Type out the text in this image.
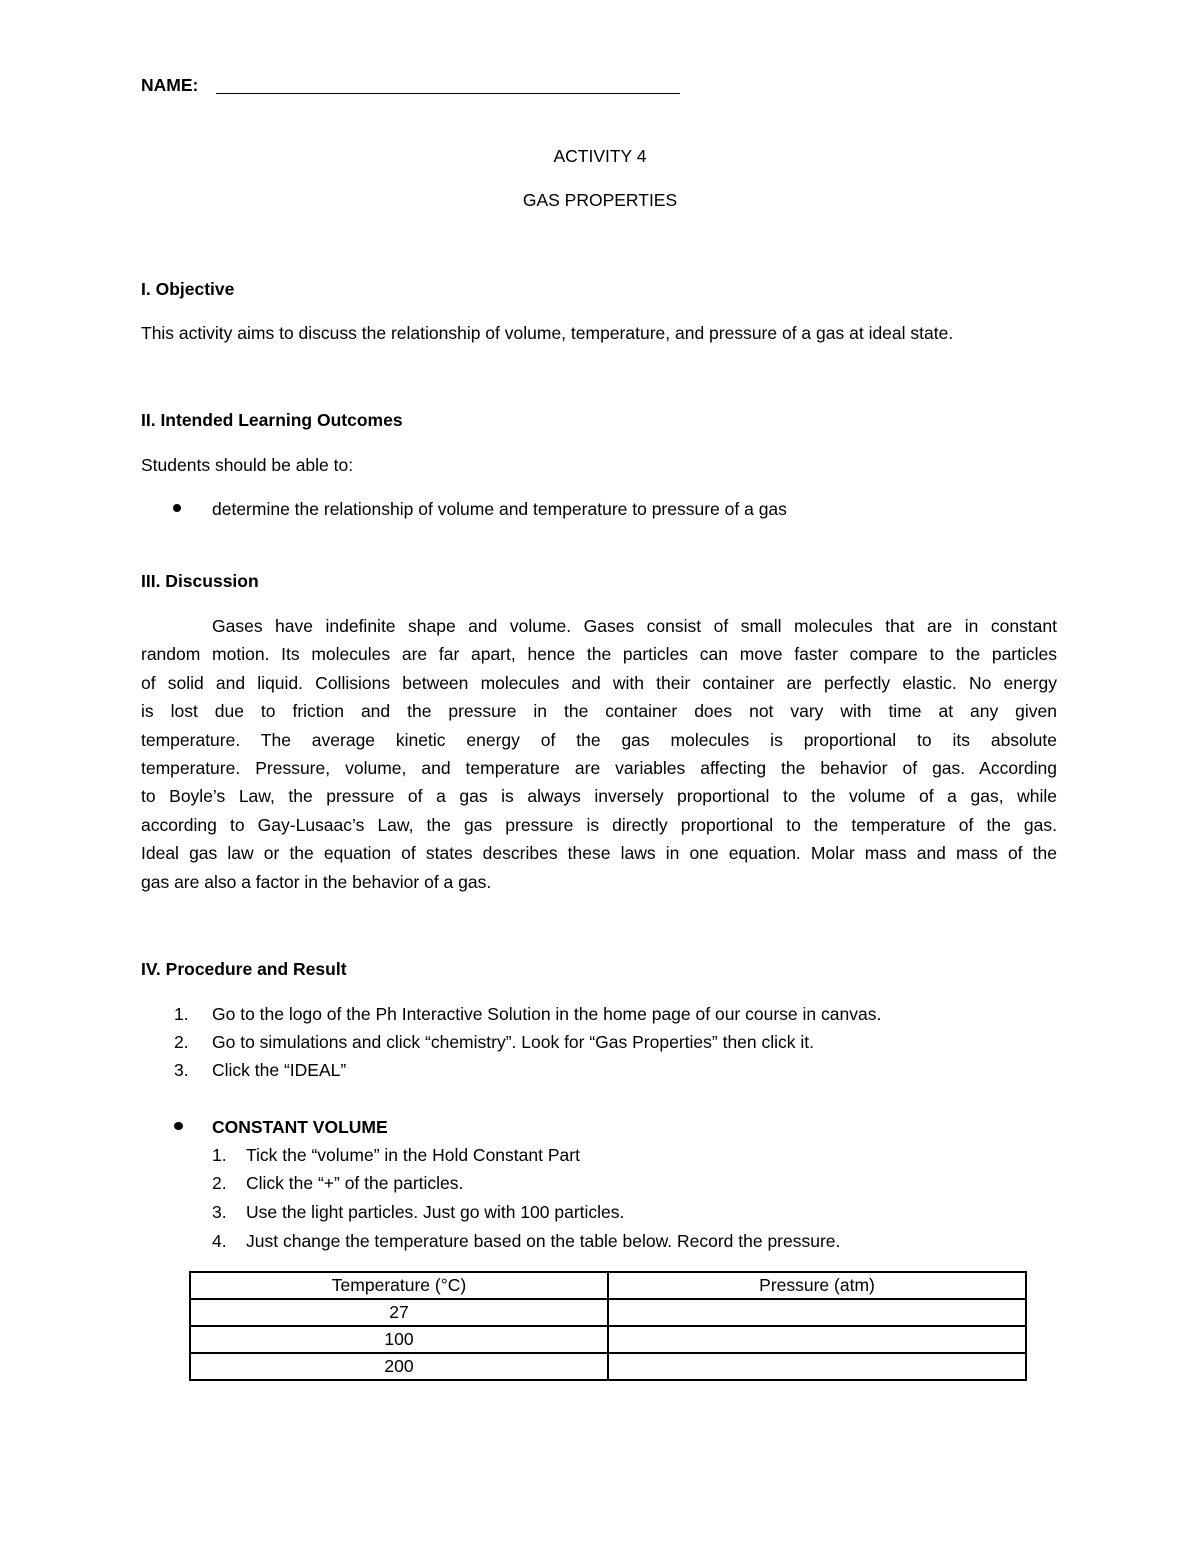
NAME:
ACTIVITY 4
GAS PROPERTIES
I. Objective
This activity aims to discuss the relationship of volume, temperature, and pressure of a gas at ideal state.
II. Intended Learning Outcomes
Students should be able to:
determine the relationship of volume and temperature to pressure of a gas
III. Discussion
Gases have indefinite shape and volume. Gases consist of small molecules that are in constant
random motion. Its molecules are far apart, hence the particles can move faster compare to the particles
of solid and liquid. Collisions between molecules and with their container are perfectly elastic. No energy
is lost due to friction and the pressure in the container does not vary with time at any given
temperature. The average kinetic energy of the gas molecules is proportional to its absolute
temperature. Pressure, volume, and temperature are variables affecting the behavior of gas. According
to Boyle’s Law, the pressure of a gas is always inversely proportional to the volume of a gas, while
according to Gay-Lusaac’s Law, the gas pressure is directly proportional to the temperature of the gas.
Ideal gas law or the equation of states describes these laws in one equation. Molar mass and mass of the
gas are also a factor in the behavior of a gas.
IV. Procedure and Result
1. Go to the logo of the Ph Interactive Solution in the home page of our course in canvas.
2. Go to simulations and click “chemistry”. Look for “Gas Properties” then click it.
3. Click the “IDEAL”
CONSTANT VOLUME
1. Tick the “volume” in the Hold Constant Part
2. Click the “+” of the particles.
3. Use the light particles. Just go with 100 particles.
4. Just change the temperature based on the table below. Record the pressure.
Temperature (°C)	Pressure (atm)
27	
100	
200	
